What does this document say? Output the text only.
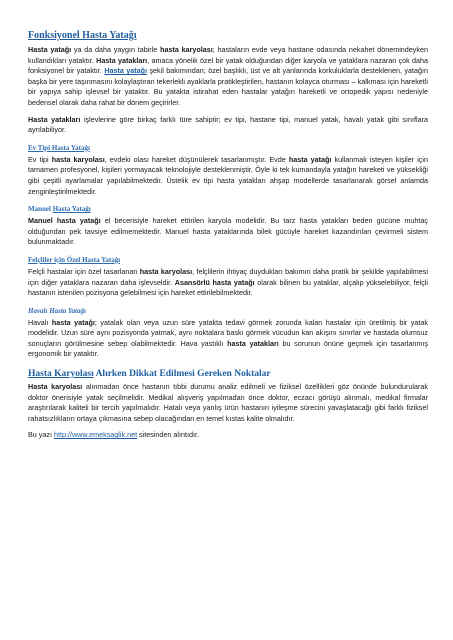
Fonksiyonel Hasta Yatağı

Hasta yatağı ya da daha yaygın tabirle hasta karyolası; hastaların evde veya hastane odasında nekahet dönemindeyken kullandıkları yataktır. Hasta yatakları, amaca yönelik özel bir yatak olduğundan diğer karyola ve yataklara nazaran çok daha fonksiyonel bir yataktır. Hasta yatağı şekil bakımından; özel başlıklı, üst ve alt yanlarında korkuluklarla desteklenen, yatağın başka bir yere taşınmasını kolaylaştıran tekerlekli ayaklarla pratikleştirilen, hastanın kolayca oturması – kalkması için hareketli bir yapıya sahip işlevsel bir yataktır. Bu yatakta istirahat eden hastalar yatağın hareketli ve ortopedik yapısı nedeniyle bedensel olarak daha rahat bir dönem geçirirler.

Hasta yatakları işlevlerine göre birkaç farklı türe sahiptir; ev tipi, hastane tipi, manuel yatak, havalı yatak gibi sınıflara ayrılabiliyor.

Ev Tipi Hasta Yatağı

Ev tipi hasta karyolası, evdeki olası hareket düşünülerek tasarlanmıştır. Evde hasta yatağı kullanmak isteyen kişiler için tamamen profesyonel, kişileri yormayacak teknolojiyle desteklenmiştir. Öyle ki tek kumandayla yatağın hareketi ve yüksekliği gibi çeşitli ayarlamalar yapılabilmektedir. Üstelik ev tipi hasta yatakları ahşap modellerde tasarlanarak görsel anlamda zenginleştirilmektedir.

Manuel Hasta Yatağı

Manuel hasta yatağı el becerisiyle hareket ettirilen karyola modelidir. Bu tarz hasta yatakları beden gücüne muhtaç olduğundan pek tavsiye edilmemektedir. Manuel hasta yataklarında bilek gücüyle hareket kazandırılan çevirmeli sistem bulunmaktadır.

Felçliler için Özel Hasta Yatağı

Felçli hastalar için özel tasarlanan hasta karyolası, felçlilerin ihtiyaç duydukları bakımın daha pratik bir şekilde yapılabilmesi için diğer yataklara nazaran daha işlevseldir. Asansörlü hasta yatağı olarak bilinen bu yataklar, alçalıp yükselebiliyor, felçli hastanın istenilen pozisyona gelebilmesi için hareket ettirilebilmektedir.

Havalı Hasta Yatağı

Havalı hasta yatağı; yatalak olan veya uzun süre yatakta tedavi görmek zorunda kalan hastalar için üretilmiş bir yatak modelidir. Uzun süre aynı pozisyonda yatmak, aynı noktalara baskı görmek vücudun kan akışını sınırlar ve hastada olumsuz sonuçların görülmesine sebep olabilmektedir. Hava yastıklı hasta yatakları bu sorunun önüne geçmek için tasarlanmış ergonomik bir yataktır.

Hasta Karyolası Alırken Dikkat Edilmesi Gereken Noktalar

Hasta karyolası alınmadan önce hastanın tıbbi durumu analiz edilmeli ve fiziksel özellikleri göz önünde bulundurularak doktor önerisiyle yatak seçilmelidir. Medikal alışveriş yapılmadan önce doktor, eczacı görüşü alınmalı, medikal firmalar araştırılarak kaliteli bir tercih yapılmalıdır. Hatalı veya yanlış ürün hastanın iyileşme sürecini yavaşlatacağı gibi farklı fiziksel rahatsızlıkların ortaya çıkmasına sebep olacağından en temel kıstas kalite olmalıdır.

Bu yazı http://www.emeksaglik.net sitesinden alıntıdır.
